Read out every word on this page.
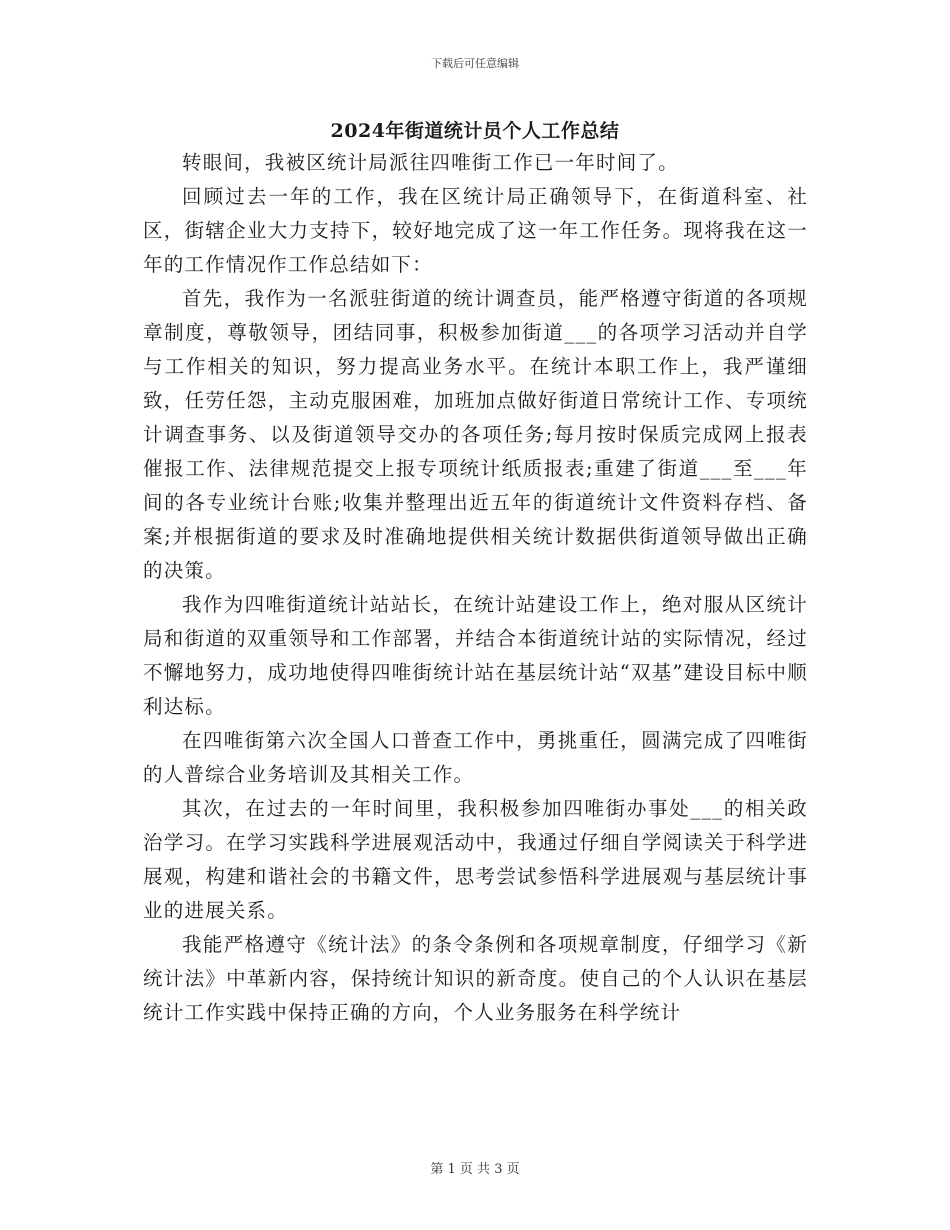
下载后可任意编辑
2024年街道统计员个人工作总结

转眼间，我被区统计局派往四唯街工作已一年时间了。

回顾过去一年的工作，我在区统计局正确领导下，在街道科室、社区，街辖企业大力支持下，较好地完成了这一年工作任务。现将我在这一年的工作情况作工作总结如下：

首先，我作为一名派驻街道的统计调查员，能严格遵守街道的各项规章制度，尊敬领导，团结同事，积极参加街道___的各项学习活动并自学与工作相关的知识，努力提高业务水平。在统计本职工作上，我严谨细致，任劳任怨，主动克服困难，加班加点做好街道日常统计工作、专项统计调查事务、以及街道领导交办的各项任务;每月按时保质完成网上报表催报工作、法律规范提交上报专项统计纸质报表;重建了街道___至___年间的各专业统计台账;收集并整理出近五年的街道统计文件资料存档、备案;并根据街道的要求及时准确地提供相关统计数据供街道领导做出正确的决策。

我作为四唯街道统计站站长，在统计站建设工作上，绝对服从区统计局和街道的双重领导和工作部署，并结合本街道统计站的实际情况，经过不懈地努力，成功地使得四唯街统计站在基层统计站“双基”建设目标中顺利达标。

在四唯街第六次全国人口普查工作中，勇挑重任，圆满完成了四唯街的人普综合业务培训及其相关工作。

其次，在过去的一年时间里，我积极参加四唯街办事处___的相关政治学习。在学习实践科学进展观活动中，我通过仔细自学阅读关于科学进展观，构建和谐社会的书籍文件，思考尝试参悟科学进展观与基层统计事业的进展关系。

我能严格遵守《统计法》的条令条例和各项规章制度，仔细学习《新统计法》中革新内容，保持统计知识的新奇度。使自己的个人认识在基层统计工作实践中保持正确的方向，个人业务服务在科学统计

第 1 页 共 3 页
